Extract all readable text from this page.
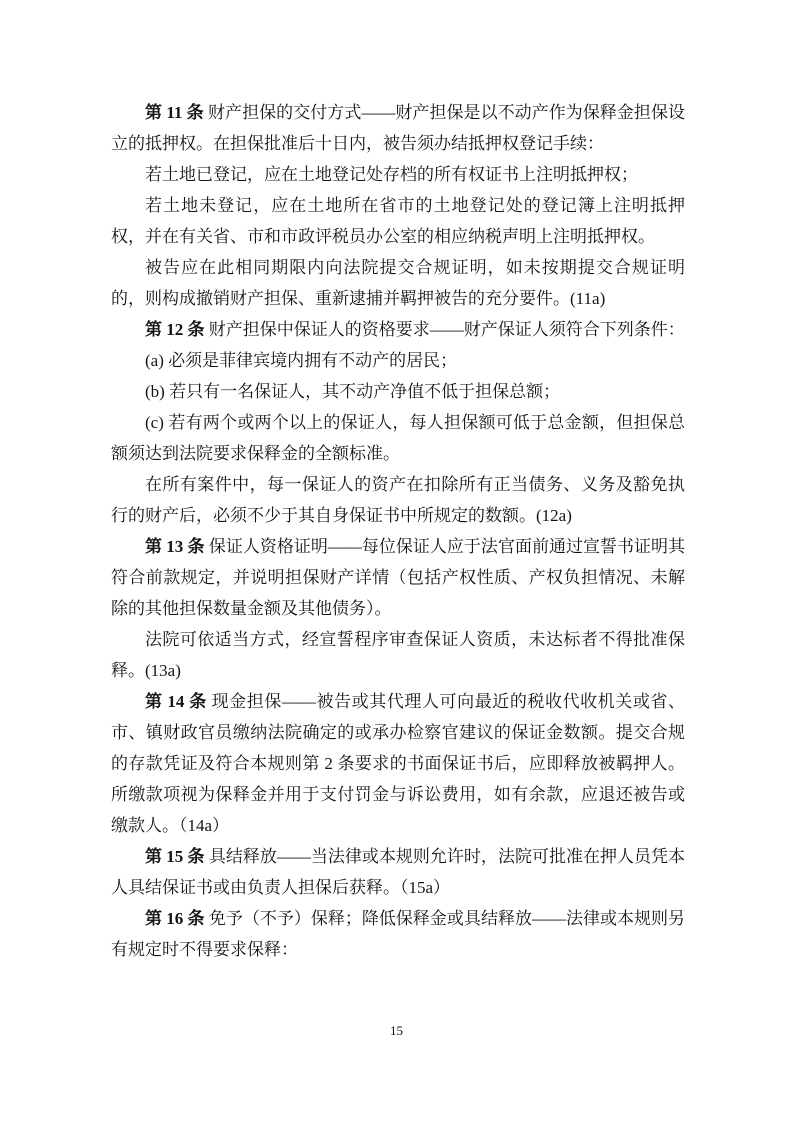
第 11 条 财产担保的交付方式——财产担保是以不动产作为保释金担保设立的抵押权。在担保批准后十日内，被告须办结抵押权登记手续：
若土地已登记，应在土地登记处存档的所有权证书上注明抵押权；
若土地未登记，应在土地所在省市的土地登记处的登记簿上注明抵押权，并在有关省、市和市政评税员办公室的相应纳税声明上注明抵押权。
被告应在此相同期限内向法院提交合规证明，如未按期提交合规证明的，则构成撤销财产担保、重新逮捕并羁押被告的充分要件。(11a)
第 12 条 财产担保中保证人的资格要求——财产保证人须符合下列条件：
(a) 必须是菲律宾境内拥有不动产的居民；
(b) 若只有一名保证人，其不动产净值不低于担保总额；
(c) 若有两个或两个以上的保证人，每人担保额可低于总金额，但担保总额须达到法院要求保释金的全额标准。
在所有案件中，每一保证人的资产在扣除所有正当债务、义务及豁免执行的财产后，必须不少于其自身保证书中所规定的数额。(12a)
第 13 条 保证人资格证明——每位保证人应于法官面前通过宣誓书证明其符合前款规定，并说明担保财产详情（包括产权性质、产权负担情况、未解除的其他担保数量金额及其他债务）。
法院可依适当方式，经宣誓程序审查保证人资质，未达标者不得批准保释。(13a)
第 14 条 现金担保——被告或其代理人可向最近的税收代收机关或省、市、镇财政官员缴纳法院确定的或承办检察官建议的保证金数额。提交合规的存款凭证及符合本规则第 2 条要求的书面保证书后，应即释放被羁押人。所缴款项视为保释金并用于支付罚金与诉讼费用，如有余款，应退还被告或缴款人。（14a）
第 15 条 具结释放——当法律或本规则允许时，法院可批准在押人员凭本人具结保证书或由负责人担保后获释。（15a）
第 16 条 免予（不予）保释；降低保释金或具结释放——法律或本规则另有规定时不得要求保释：
15
